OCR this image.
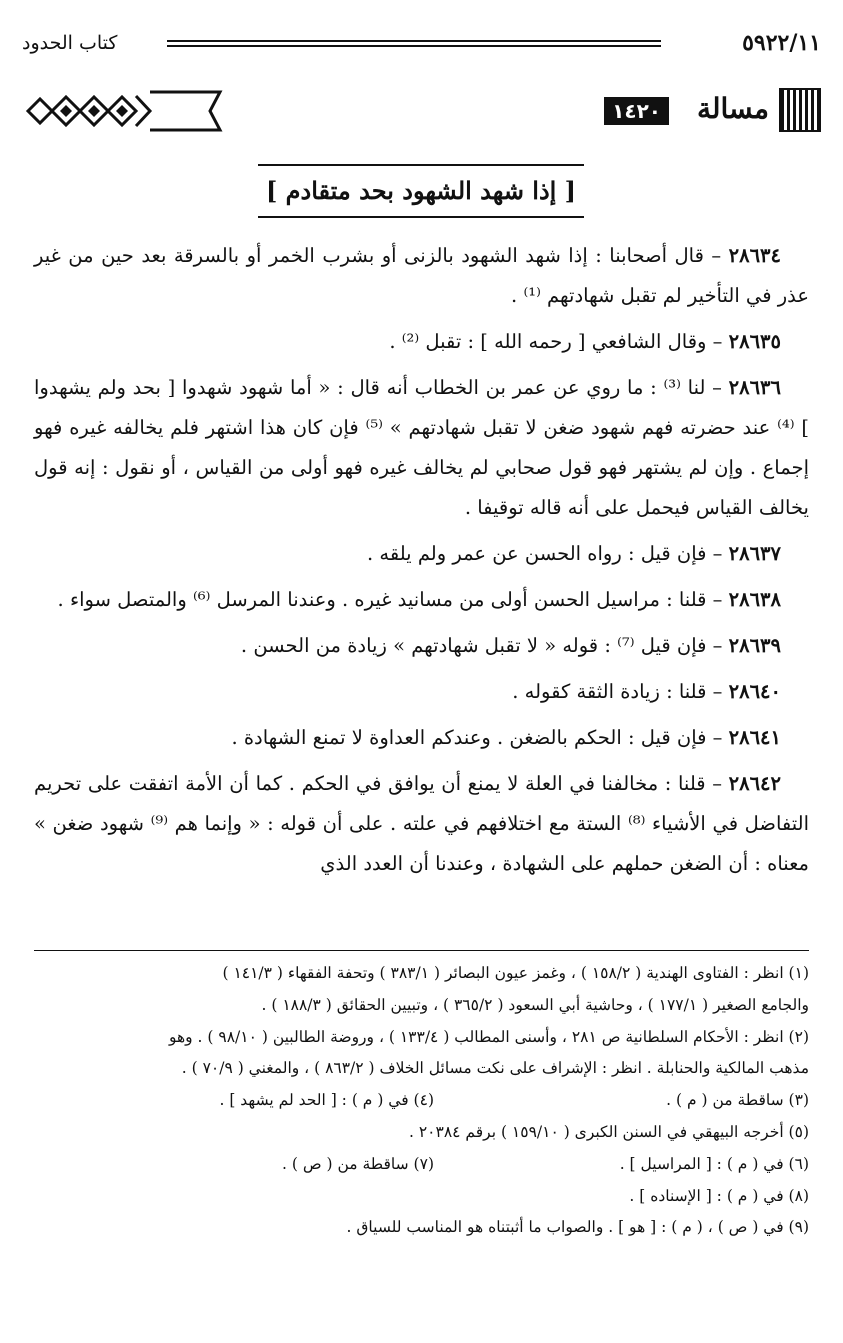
٥٩٢٢/١١
كتاب الحدود
مسالة
١٤٢٠
[ إذا شهد الشهود بحد متقادم ]

٢٨٦٣٤ – قال أصحابنا : إذا شهد الشهود بالزنى أو بشرب الخمر أو بالسرقة بعد حين من غير عذر في التأخير لم تقبل شهادتهم ⁽¹⁾ .

٢٨٦٣٥ – وقال الشافعي [ رحمه الله ] : تقبل ⁽²⁾ .

٢٨٦٣٦ – لنا ⁽³⁾ : ما روي عن عمر بن الخطاب أنه قال : « أما شهود شهدوا [ بحد ولم يشهدوا ] ⁽⁴⁾ عند حضرته فهم شهود ضغن لا تقبل شهادتهم » ⁽⁵⁾ فإن كان هذا اشتهر فلم يخالفه غيره فهو إجماع . وإن لم يشتهر فهو قول صحابي لم يخالف غيره فهو أولى من القياس ، أو نقول : إنه قول يخالف القياس فيحمل على أنه قاله توقيفا .

٢٨٦٣٧ – فإن قيل : رواه الحسن عن عمر ولم يلقه .

٢٨٦٣٨ – قلنا : مراسيل الحسن أولى من مسانيد غيره . وعندنا المرسل ⁽⁶⁾ والمتصل سواء .

٢٨٦٣٩ – فإن قيل ⁽⁷⁾ : قوله « لا تقبل شهادتهم » زيادة من الحسن .

٢٨٦٤٠ – قلنا : زيادة الثقة كقوله .

٢٨٦٤١ – فإن قيل : الحكم بالضغن . وعندكم العداوة لا تمنع الشهادة .

٢٨٦٤٢ – قلنا : مخالفنا في العلة لا يمنع أن يوافق في الحكم . كما أن الأمة اتفقت على تحريم التفاضل في الأشياء ⁽⁸⁾ الستة مع اختلافهم في علته . على أن قوله : « وإنما هم ⁽⁹⁾ شهود ضغن » معناه : أن الضغن حملهم على الشهادة ، وعندنا أن العدد الذي

(١) انظر : الفتاوى الهندية ( ١٥٨/٢ ) ، وغمز عيون البصائر ( ٣٨٣/١ ) وتحفة الفقهاء ( ١٤١/٣ )

والجامع الصغير ( ١٧٧/١ ) ، وحاشية أبي السعود ( ٣٦٥/٢ ) ، وتبيين الحقائق ( ١٨٨/٣ ) .

(٢) انظر : الأحكام السلطانية ص ٢٨١ ، وأسنى المطالب ( ١٣٣/٤ ) ، وروضة الطالبين ( ٩٨/١٠ ) . وهو

مذهب المالكية والحنابلة . انظر : الإشراف على نكت مسائل الخلاف ( ٨٦٣/٢ ) ، والمغني ( ٧٠/٩ ) .

(٣) ساقطة من ( م ) .
(٤) في ( م ) : [ الحد لم يشهد ] .

(٥) أخرجه البيهقي في السنن الكبرى ( ١٥٩/١٠ ) برقم ٢٠٣٨٤ .

(٦) في ( م ) : [ المراسيل ] .
(٧) ساقطة من ( ص ) .

(٨) في ( م ) : [ الإسناده ] .

(٩) في ( ص ) ، ( م ) : [ هو ] . والصواب ما أثبتناه هو المناسب للسياق .
